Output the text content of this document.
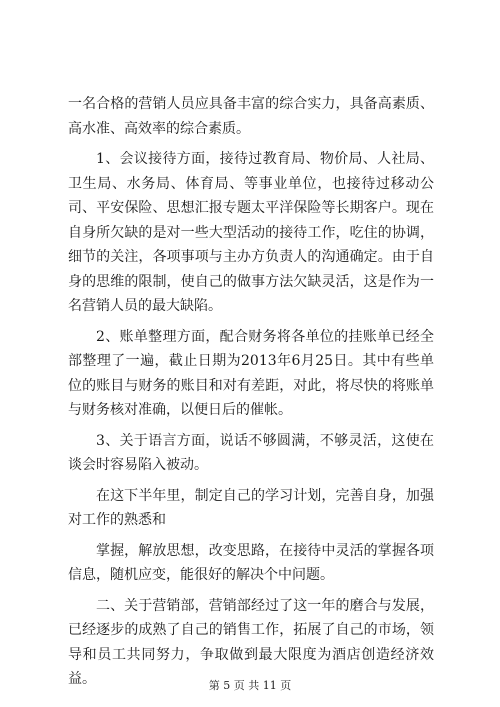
一名合格的营销人员应具备丰富的综合实力，具备高素质、高水准、高效率的综合素质。

1、会议接待方面，接待过教育局、物价局、人社局、卫生局、水务局、体育局、等事业单位，也接待过移动公司、平安保险、思想汇报专题太平洋保险等长期客户。现在自身所欠缺的是对一些大型活动的接待工作，吃住的协调，细节的关注，各项事项与主办方负责人的沟通确定。由于自身的思维的限制，使自己的做事方法欠缺灵活，这是作为一名营销人员的最大缺陷。

2、账单整理方面，配合财务将各单位的挂账单已经全部整理了一遍，截止日期为2013年6月25日。其中有些单位的账目与财务的账目和对有差距，对此，将尽快的将账单与财务核对准确，以便日后的催帐。

3、关于语言方面，说话不够圆满，不够灵活，这使在谈会时容易陷入被动。

在这下半年里，制定自己的学习计划，完善自身，加强对工作的熟悉和

掌握，解放思想，改变思路，在接待中灵活的掌握各项信息，随机应变，能很好的解决个中问题。

二、关于营销部，营销部经过了这一年的磨合与发展，已经逐步的成熟了自己的销售工作，拓展了自己的市场，领导和员工共同努力，争取做到最大限度为酒店创造经济效益。	第 5 页 共 11 页
